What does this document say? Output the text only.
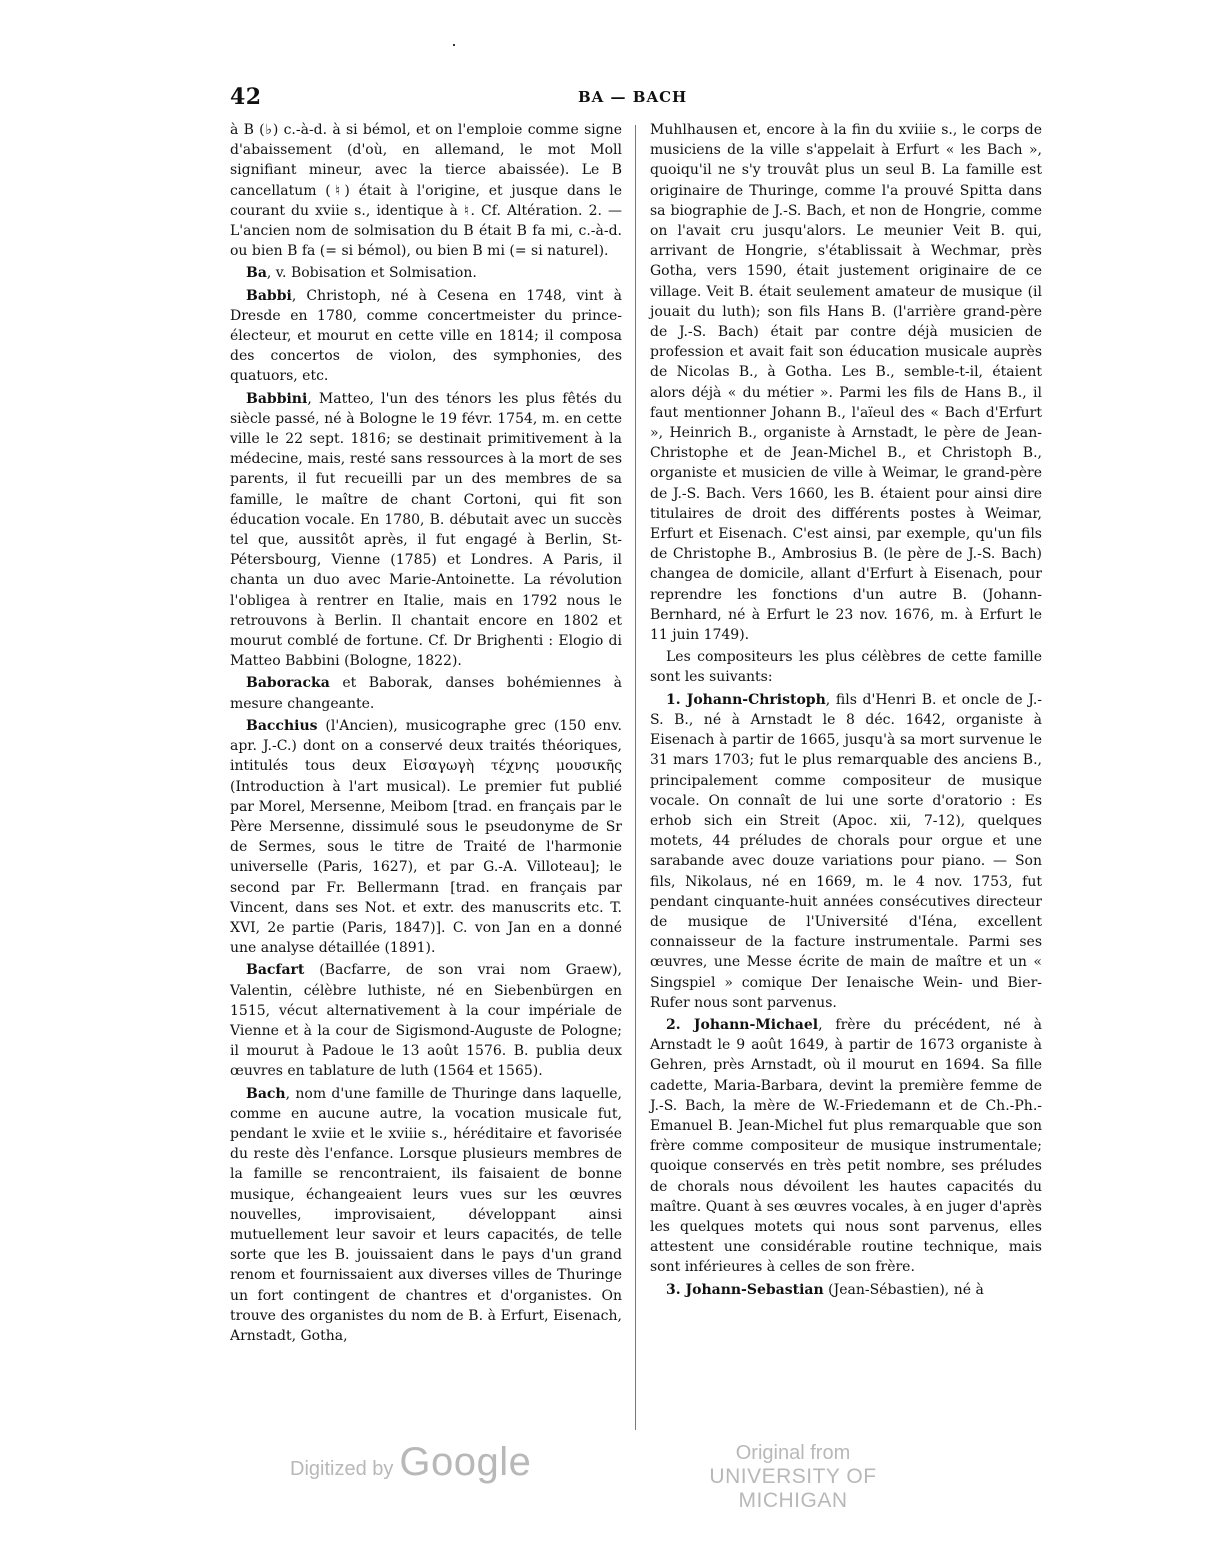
42	BA — BACH

à B (♭) c.-à-d. à si bémol, et on l'emploie comme signe d'abaissement (d'où, en allemand, le mot Moll signifiant mineur, avec la tierce abaissée). Le B cancellatum (♮) était à l'origine, et jusque dans le courant du xviie s., identique à ♮. Cf. Altération. 2. — L'ancien nom de solmisation du B était B fa mi, c.-à-d. ou bien B fa (= si bémol), ou bien B mi (= si naturel).

Ba, v. Bobisation et Solmisation.

Babbi, Christoph, né à Cesena en 1748, vint à Dresde en 1780, comme concertmeister du prince-électeur, et mourut en cette ville en 1814; il composa des concertos de violon, des symphonies, des quatuors, etc.

Babbini, Matteo, l'un des ténors les plus fêtés du siècle passé, né à Bologne le 19 févr. 1754, m. en cette ville le 22 sept. 1816; se destinait primitivement à la médecine, mais, resté sans ressources à la mort de ses parents, il fut recueilli par un des membres de sa famille, le maître de chant Cortoni, qui fit son éducation vocale. En 1780, B. débutait avec un succès tel que, aussitôt après, il fut engagé à Berlin, St-Pétersbourg, Vienne (1785) et Londres. A Paris, il chanta un duo avec Marie-Antoinette. La révolution l'obligea à rentrer en Italie, mais en 1792 nous le retrouvons à Berlin. Il chantait encore en 1802 et mourut comblé de fortune. Cf. Dr Brighenti : Elogio di Matteo Babbini (Bologne, 1822).

Baboracka et Baborak, danses bohémiennes à mesure changeante.

Bacchius (l'Ancien), musicographe grec (150 env. apr. J.-C.) dont on a conservé deux traités théoriques, intitulés tous deux Εἰσαγωγὴ τέχνης μουσικῆς (Introduction à l'art musical). Le premier fut publié par Morel, Mersenne, Meibom [trad. en français par le Père Mersenne, dissimulé sous le pseudonyme de Sr de Sermes, sous le titre de Traité de l'harmonie universelle (Paris, 1627), et par G.-A. Villoteau]; le second par Fr. Bellermann [trad. en français par Vincent, dans ses Not. et extr. des manuscrits etc. T. XVI, 2e partie (Paris, 1847)]. C. von Jan en a donné une analyse détaillée (1891).

Bacfart (Bacfarre, de son vrai nom Graew), Valentin, célèbre luthiste, né en Siebenbürgen en 1515, vécut alternativement à la cour impériale de Vienne et à la cour de Sigismond-Auguste de Pologne; il mourut à Padoue le 13 août 1576. B. publia deux œuvres en tablature de luth (1564 et 1565).

Bach, nom d'une famille de Thuringe dans laquelle, comme en aucune autre, la vocation musicale fut, pendant le xviie et le xviiie s., héréditaire et favorisée du reste dès l'enfance. Lorsque plusieurs membres de la famille se rencontraient, ils faisaient de bonne musique, échangeaient leurs vues sur les œuvres nouvelles, improvisaient, développant ainsi mutuellement leur savoir et leurs capacités, de telle sorte que les B. jouissaient dans le pays d'un grand renom et fournissaient aux diverses villes de Thuringe un fort contingent de chantres et d'organistes. On trouve des organistes du nom de B. à Erfurt, Eisenach, Arnstadt, Gotha,

Muhlhausen et, encore à la fin du xviiie s., le corps de musiciens de la ville s'appelait à Erfurt « les Bach », quoiqu'il ne s'y trouvât plus un seul B. La famille est originaire de Thuringe, comme l'a prouvé Spitta dans sa biographie de J.-S. Bach, et non de Hongrie, comme on l'avait cru jusqu'alors. Le meunier Veit B. qui, arrivant de Hongrie, s'établissait à Wechmar, près Gotha, vers 1590, était justement originaire de ce village. Veit B. était seulement amateur de musique (il jouait du luth); son fils Hans B. (l'arrière grand-père de J.-S. Bach) était par contre déjà musicien de profession et avait fait son éducation musicale auprès de Nicolas B., à Gotha. Les B., semble-t-il, étaient alors déjà « du métier ». Parmi les fils de Hans B., il faut mentionner Johann B., l'aïeul des « Bach d'Erfurt », Heinrich B., organiste à Arnstadt, le père de Jean-Christophe et de Jean-Michel B., et Christoph B., organiste et musicien de ville à Weimar, le grand-père de J.-S. Bach. Vers 1660, les B. étaient pour ainsi dire titulaires de droit des différents postes à Weimar, Erfurt et Eisenach. C'est ainsi, par exemple, qu'un fils de Christophe B., Ambrosius B. (le père de J.-S. Bach) changea de domicile, allant d'Erfurt à Eisenach, pour reprendre les fonctions d'un autre B. (Johann-Bernhard, né à Erfurt le 23 nov. 1676, m. à Erfurt le 11 juin 1749).

Les compositeurs les plus célèbres de cette famille sont les suivants:

1. Johann-Christoph, fils d'Henri B. et oncle de J.-S. B., né à Arnstadt le 8 déc. 1642, organiste à Eisenach à partir de 1665, jusqu'à sa mort survenue le 31 mars 1703; fut le plus remarquable des anciens B., principalement comme compositeur de musique vocale. On connaît de lui une sorte d'oratorio : Es erhob sich ein Streit (Apoc. xii, 7-12), quelques motets, 44 préludes de chorals pour orgue et une sarabande avec douze variations pour piano. — Son fils, Nikolaus, né en 1669, m. le 4 nov. 1753, fut pendant cinquante-huit années consécutives directeur de musique de l'Université d'Iéna, excellent connaisseur de la facture instrumentale. Parmi ses œuvres, une Messe écrite de main de maître et un « Singspiel » comique Der Ienaische Wein- und Bier-Rufer nous sont parvenus.

2. Johann-Michael, frère du précédent, né à Arnstadt le 9 août 1649, à partir de 1673 organiste à Gehren, près Arnstadt, où il mourut en 1694. Sa fille cadette, Maria-Barbara, devint la première femme de J.-S. Bach, la mère de W.-Friedemann et de Ch.-Ph.-Emanuel B. Jean-Michel fut plus remarquable que son frère comme compositeur de musique instrumentale; quoique conservés en très petit nombre, ses préludes de chorals nous dévoilent les hautes capacités du maître. Quant à ses œuvres vocales, à en juger d'après les quelques motets qui nous sont parvenus, elles attestent une considérable routine technique, mais sont inférieures à celles de son frère.

3. Johann-Sebastian (Jean-Sébastien), né à

Digitized by Google	Original from
UNIVERSITY OF MICHIGAN
